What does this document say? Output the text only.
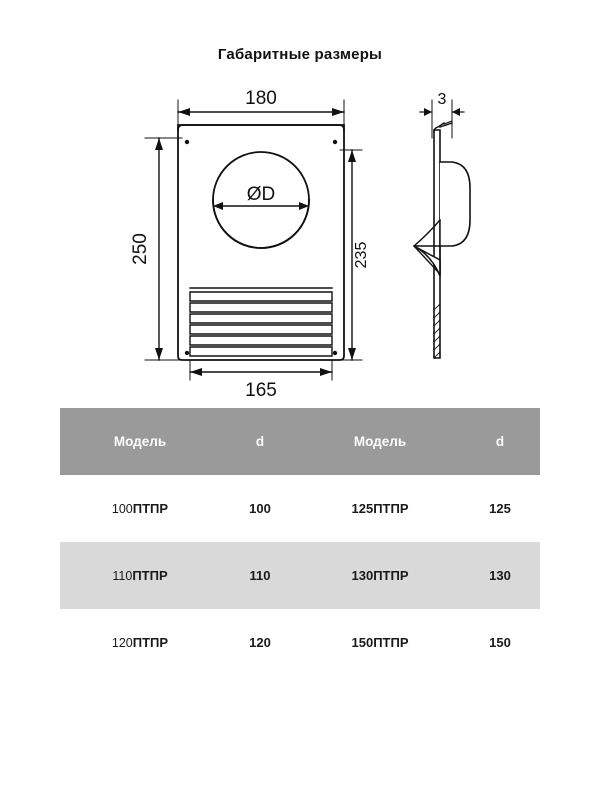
Габаритные размеры
180
250	235
165
3
ØD
Модель	d	Модель	d
100ПТПР	100	125ПТПР	125
110ПТПР	110	130ПТПР	130
120ПТПР	120	150ПТПР	150
